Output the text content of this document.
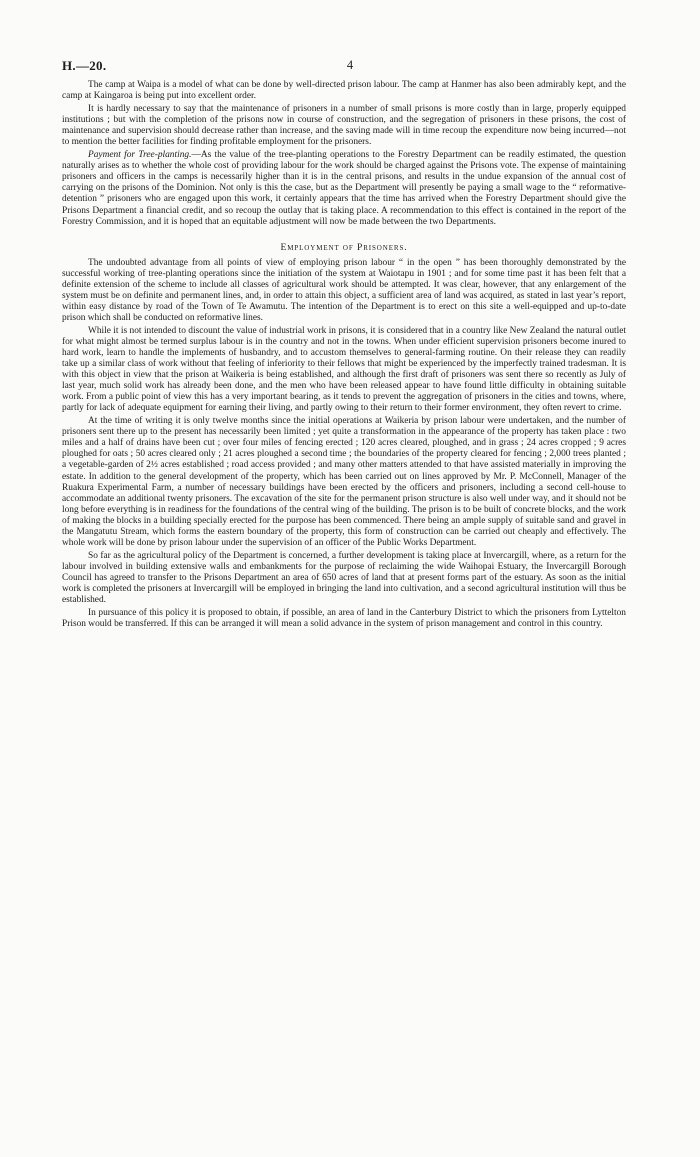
H.—20.	4

The camp at Waipa is a model of what can be done by well-directed prison labour. The camp at Hanmer has also been admirably kept, and the camp at Kaingaroa is being put into excellent order.

It is hardly necessary to say that the maintenance of prisoners in a number of small prisons is more costly than in large, properly equipped institutions ; but with the completion of the prisons now in course of construction, and the segregation of prisoners in these prisons, the cost of maintenance and supervision should decrease rather than increase, and the saving made will in time recoup the expenditure now being incurred—not to mention the better facilities for finding profitable employment for the prisoners.

Payment for Tree-planting.—As the value of the tree-planting operations to the Forestry Department can be readily estimated, the question naturally arises as to whether the whole cost of providing labour for the work should be charged against the Prisons vote. The expense of maintaining prisoners and officers in the camps is necessarily higher than it is in the central prisons, and results in the undue expansion of the annual cost of carrying on the prisons of the Dominion. Not only is this the case, but as the Department will presently be paying a small wage to the “ reformative-detention ” prisoners who are engaged upon this work, it certainly appears that the time has arrived when the Forestry Department should give the Prisons Department a financial credit, and so recoup the outlay that is taking place. A recommendation to this effect is contained in the report of the Forestry Commission, and it is hoped that an equitable adjustment will now be made between the two Departments.

Employment of Prisoners.

The undoubted advantage from all points of view of employing prison labour “ in the open ” has been thoroughly demonstrated by the successful working of tree-planting operations since the initiation of the system at Waiotapu in 1901 ; and for some time past it has been felt that a definite extension of the scheme to include all classes of agricultural work should be attempted. It was clear, however, that any enlargement of the system must be on definite and permanent lines, and, in order to attain this object, a sufficient area of land was acquired, as stated in last year’s report, within easy distance by road of the Town of Te Awamutu. The intention of the Department is to erect on this site a well-equipped and up-to-date prison which shall be conducted on reformative lines.

While it is not intended to discount the value of industrial work in prisons, it is considered that in a country like New Zealand the natural outlet for what might almost be termed surplus labour is in the country and not in the towns. When under efficient supervision prisoners become inured to hard work, learn to handle the implements of husbandry, and to accustom themselves to general-farming routine. On their release they can readily take up a similar class of work without that feeling of inferiority to their fellows that might be experienced by the imperfectly trained tradesman. It is with this object in view that the prison at Waikeria is being established, and although the first draft of prisoners was sent there so recently as July of last year, much solid work has already been done, and the men who have been released appear to have found little difficulty in obtaining suitable work. From a public point of view this has a very important bearing, as it tends to prevent the aggregation of prisoners in the cities and towns, where, partly for lack of adequate equipment for earning their living, and partly owing to their return to their former environment, they often revert to crime.

At the time of writing it is only twelve months since the initial operations at Waikeria by prison labour were undertaken, and the number of prisoners sent there up to the present has necessarily been limited ; yet quite a transformation in the appearance of the property has taken place : two miles and a half of drains have been cut ; over four miles of fencing erected ; 120 acres cleared, ploughed, and in grass ; 24 acres cropped ; 9 acres ploughed for oats ; 50 acres cleared only ; 21 acres ploughed a second time ; the boundaries of the property cleared for fencing ; 2,000 trees planted ; a vegetable-garden of 2½ acres established ; road access provided ; and many other matters attended to that have assisted materially in improving the estate. In addition to the general development of the property, which has been carried out on lines approved by Mr. P. McConnell, Manager of the Ruakura Experimental Farm, a number of necessary buildings have been erected by the officers and prisoners, including a second cell-house to accommodate an additional twenty prisoners. The excavation of the site for the permanent prison structure is also well under way, and it should not be long before everything is in readiness for the foundations of the central wing of the building. The prison is to be built of concrete blocks, and the work of making the blocks in a building specially erected for the purpose has been commenced. There being an ample supply of suitable sand and gravel in the Mangatutu Stream, which forms the eastern boundary of the property, this form of construction can be carried out cheaply and effectively. The whole work will be done by prison labour under the supervision of an officer of the Public Works Department.

So far as the agricultural policy of the Department is concerned, a further development is taking place at Invercargill, where, as a return for the labour involved in building extensive walls and embankments for the purpose of reclaiming the wide Waihopai Estuary, the Invercargill Borough Council has agreed to transfer to the Prisons Department an area of 650 acres of land that at present forms part of the estuary. As soon as the initial work is completed the prisoners at Invercargill will be employed in bringing the land into cultivation, and a second agricultural institution will thus be established.

In pursuance of this policy it is proposed to obtain, if possible, an area of land in the Canterbury District to which the prisoners from Lyttelton Prison would be transferred. If this can be arranged it will mean a solid advance in the system of prison management and control in this country.
